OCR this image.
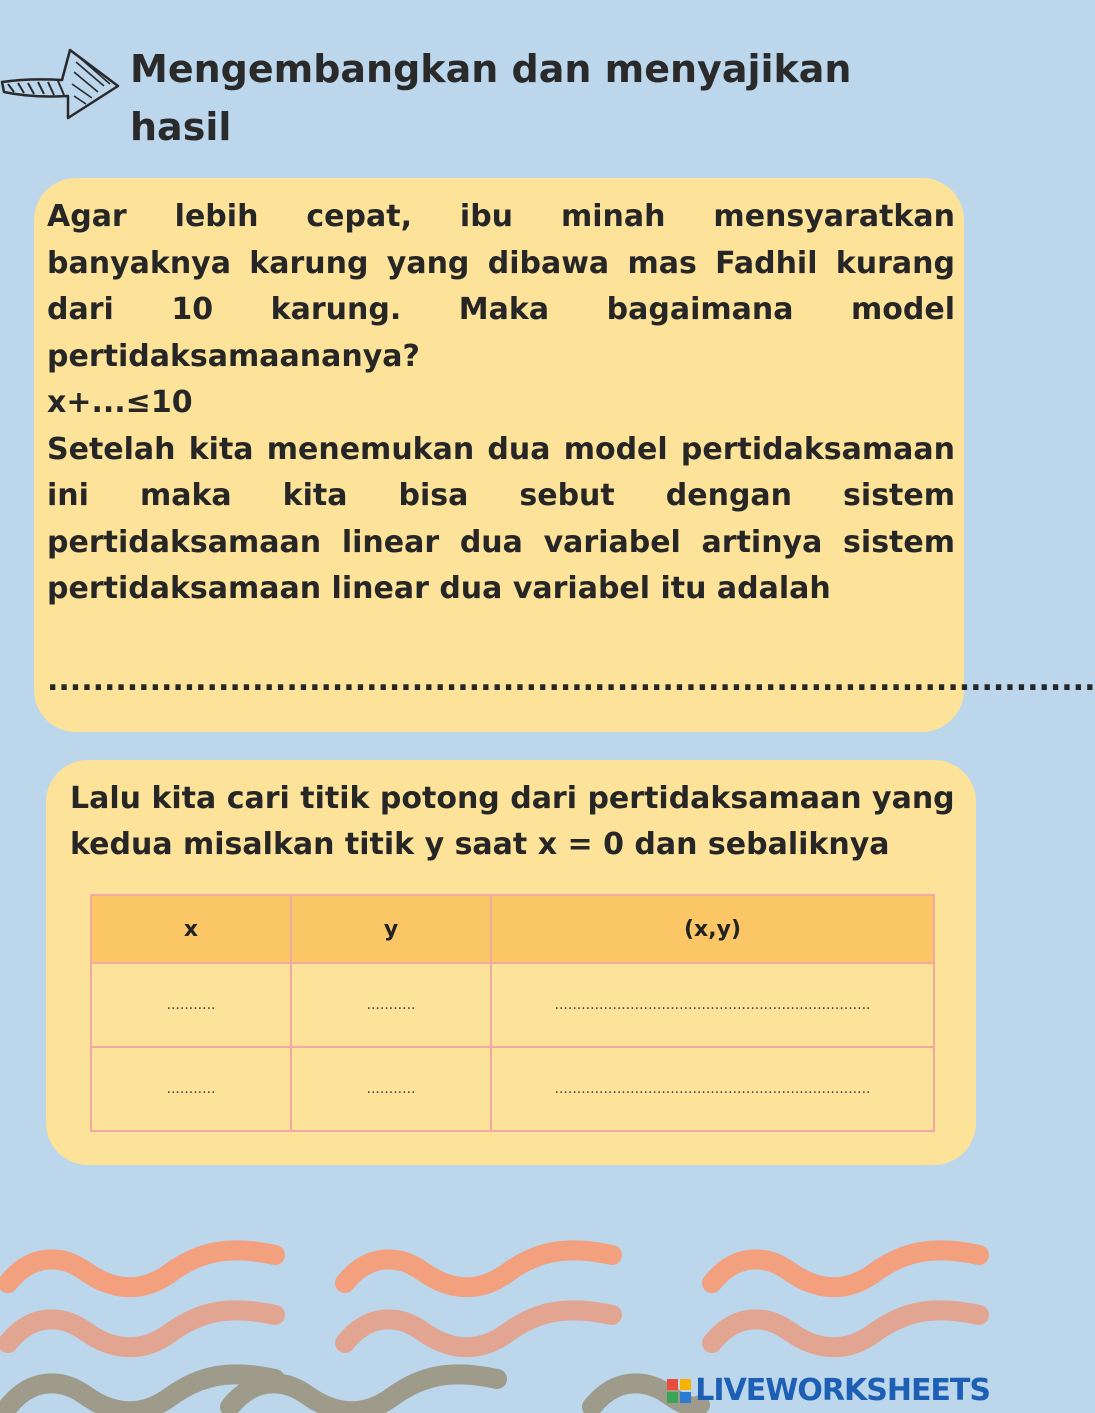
Mengembangkan dan menyajikan
hasil
Agar lebih cepat, ibu minah mensyaratkan
banyaknya karung yang dibawa mas Fadhil kurang
dari 10 karung. Maka bagaimana model
pertidaksamaananya?
x+...≤10
Setelah kita menemukan dua model pertidaksamaan
ini maka kita bisa sebut dengan sistem
pertidaksamaan linear dua variabel artinya sistem
pertidaksamaan linear dua variabel itu adalah
............................................................................................
Lalu kita cari titik potong dari pertidaksamaan yang
kedua misalkan titik y saat x = 0 dan sebaliknya
x	y	(x,y)
...........	...........	.......................................................................
...........	...........	.......................................................................
LIVEWORKSHEETS
